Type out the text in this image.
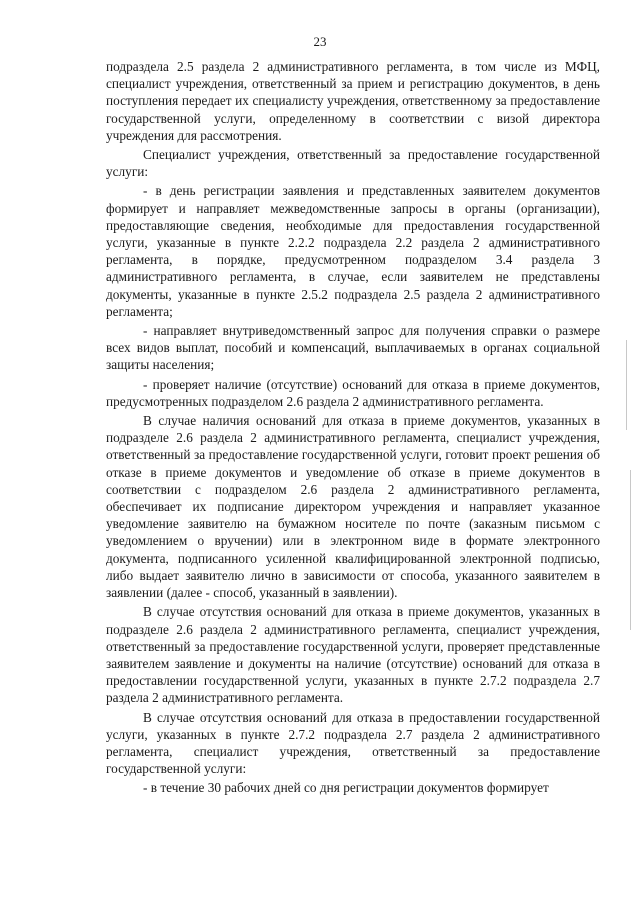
23

подраздела 2.5 раздела 2 административного регламента, в том числе из МФЦ, специалист учреждения, ответственный за прием и регистрацию документов, в день поступления передает их специалисту учреждения, ответственному за предоставление государственной услуги, определенному в соответствии с визой директора учреждения для рассмотрения.

Специалист учреждения, ответственный за предоставление государственной услуги:

- в день регистрации заявления и представленных заявителем документов формирует и направляет межведомственные запросы в органы (организации), предоставляющие сведения, необходимые для предоставления государственной услуги, указанные в пункте 2.2.2 подраздела 2.2 раздела 2 административного регламента, в порядке, предусмотренном подразделом 3.4 раздела 3 административного регламента, в случае, если заявителем не представлены документы, указанные в пункте 2.5.2 подраздела 2.5 раздела 2 административного регламента;

- направляет внутриведомственный запрос для получения справки о размере всех видов выплат, пособий и компенсаций, выплачиваемых в органах социальной защиты населения;

- проверяет наличие (отсутствие) оснований для отказа в приеме документов, предусмотренных подразделом 2.6 раздела 2 административного регламента.

В случае наличия оснований для отказа в приеме документов, указанных в подразделе 2.6 раздела 2 административного регламента, специалист учреждения, ответственный за предоставление государственной услуги, готовит проект решения об отказе в приеме документов и уведомление об отказе в приеме документов в соответствии с подразделом 2.6 раздела 2 административного регламента, обеспечивает их подписание директором учреждения и направляет указанное уведомление заявителю на бумажном носителе по почте (заказным письмом с уведомлением о вручении) или в электронном виде в формате электронного документа, подписанного усиленной квалифицированной электронной подписью, либо выдает заявителю лично в зависимости от способа, указанного заявителем в заявлении (далее - способ, указанный в заявлении).

В случае отсутствия оснований для отказа в приеме документов, указанных в подразделе 2.6 раздела 2 административного регламента, специалист учреждения, ответственный за предоставление государственной услуги, проверяет представленные заявителем заявление и документы на наличие (отсутствие) оснований для отказа в предоставлении государственной услуги, указанных в пункте 2.7.2 подраздела 2.7 раздела 2 административного регламента.

В случае отсутствия оснований для отказа в предоставлении государственной услуги, указанных в пункте 2.7.2 подраздела 2.7 раздела 2 административного регламента, специалист учреждения, ответственный за предоставление государственной услуги:

- в течение 30 рабочих дней со дня регистрации документов формирует
